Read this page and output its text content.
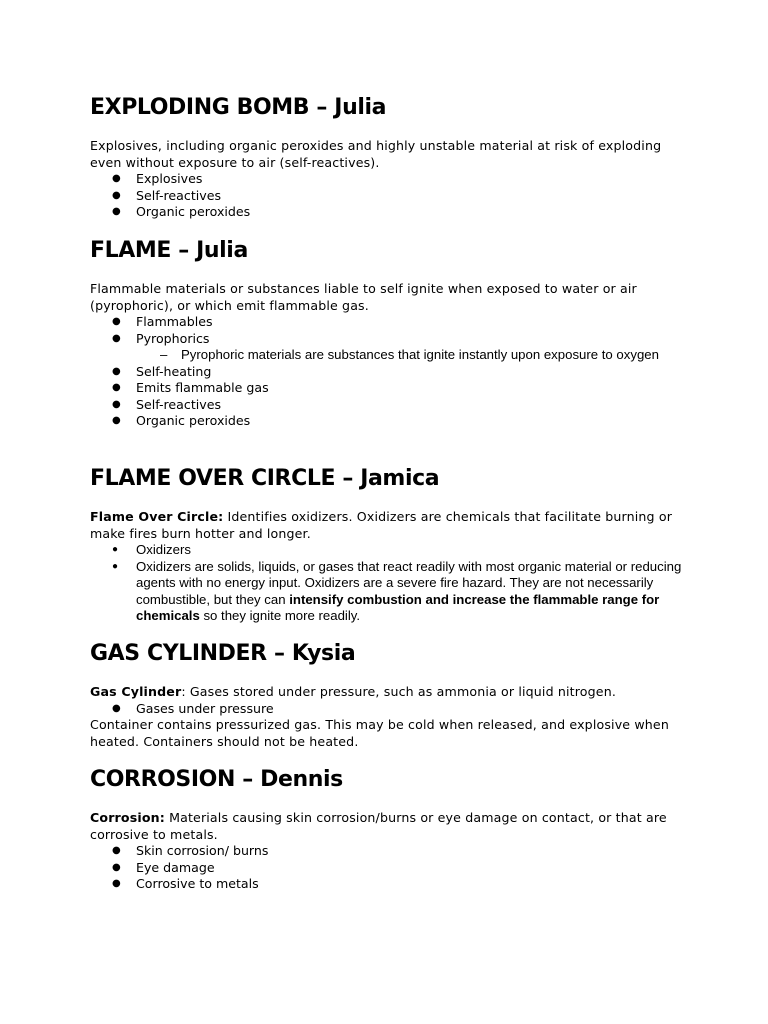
EXPLODING BOMB – Julia

Explosives, including organic peroxides and highly unstable material at risk of exploding even without exposure to air (self-reactives).

● Explosives
● Self-reactives
● Organic peroxides
FLAME – Julia

Flammable materials or substances liable to self ignite when exposed to water or air (pyrophoric), or which emit flammable gas.

● Flammables
● Pyrophorics
– Pyrophoric materials are substances that ignite instantly upon exposure to oxygen
● Self-heating
● Emits flammable gas
● Self-reactives
● Organic peroxides
FLAME OVER CIRCLE – Jamica

Flame Over Circle: Identifies oxidizers. Oxidizers are chemicals that facilitate burning or make fires burn hotter and longer.

● Oxidizers
● Oxidizers are solids, liquids, or gases that react readily with most organic material or reducing agents with no energy input. Oxidizers are a severe fire hazard. They are not necessarily combustible, but they can intensify combustion and increase the flammable range for chemicals so they ignite more readily.
GAS CYLINDER – Kysia

Gas Cylinder: Gases stored under pressure, such as ammonia or liquid nitrogen.

● Gases under pressure

Container contains pressurized gas. This may be cold when released, and explosive when heated. Containers should not be heated.

CORROSION – Dennis

Corrosion: Materials causing skin corrosion/burns or eye damage on contact, or that are corrosive to metals.

● Skin corrosion/ burns
● Eye damage
● Corrosive to metals
